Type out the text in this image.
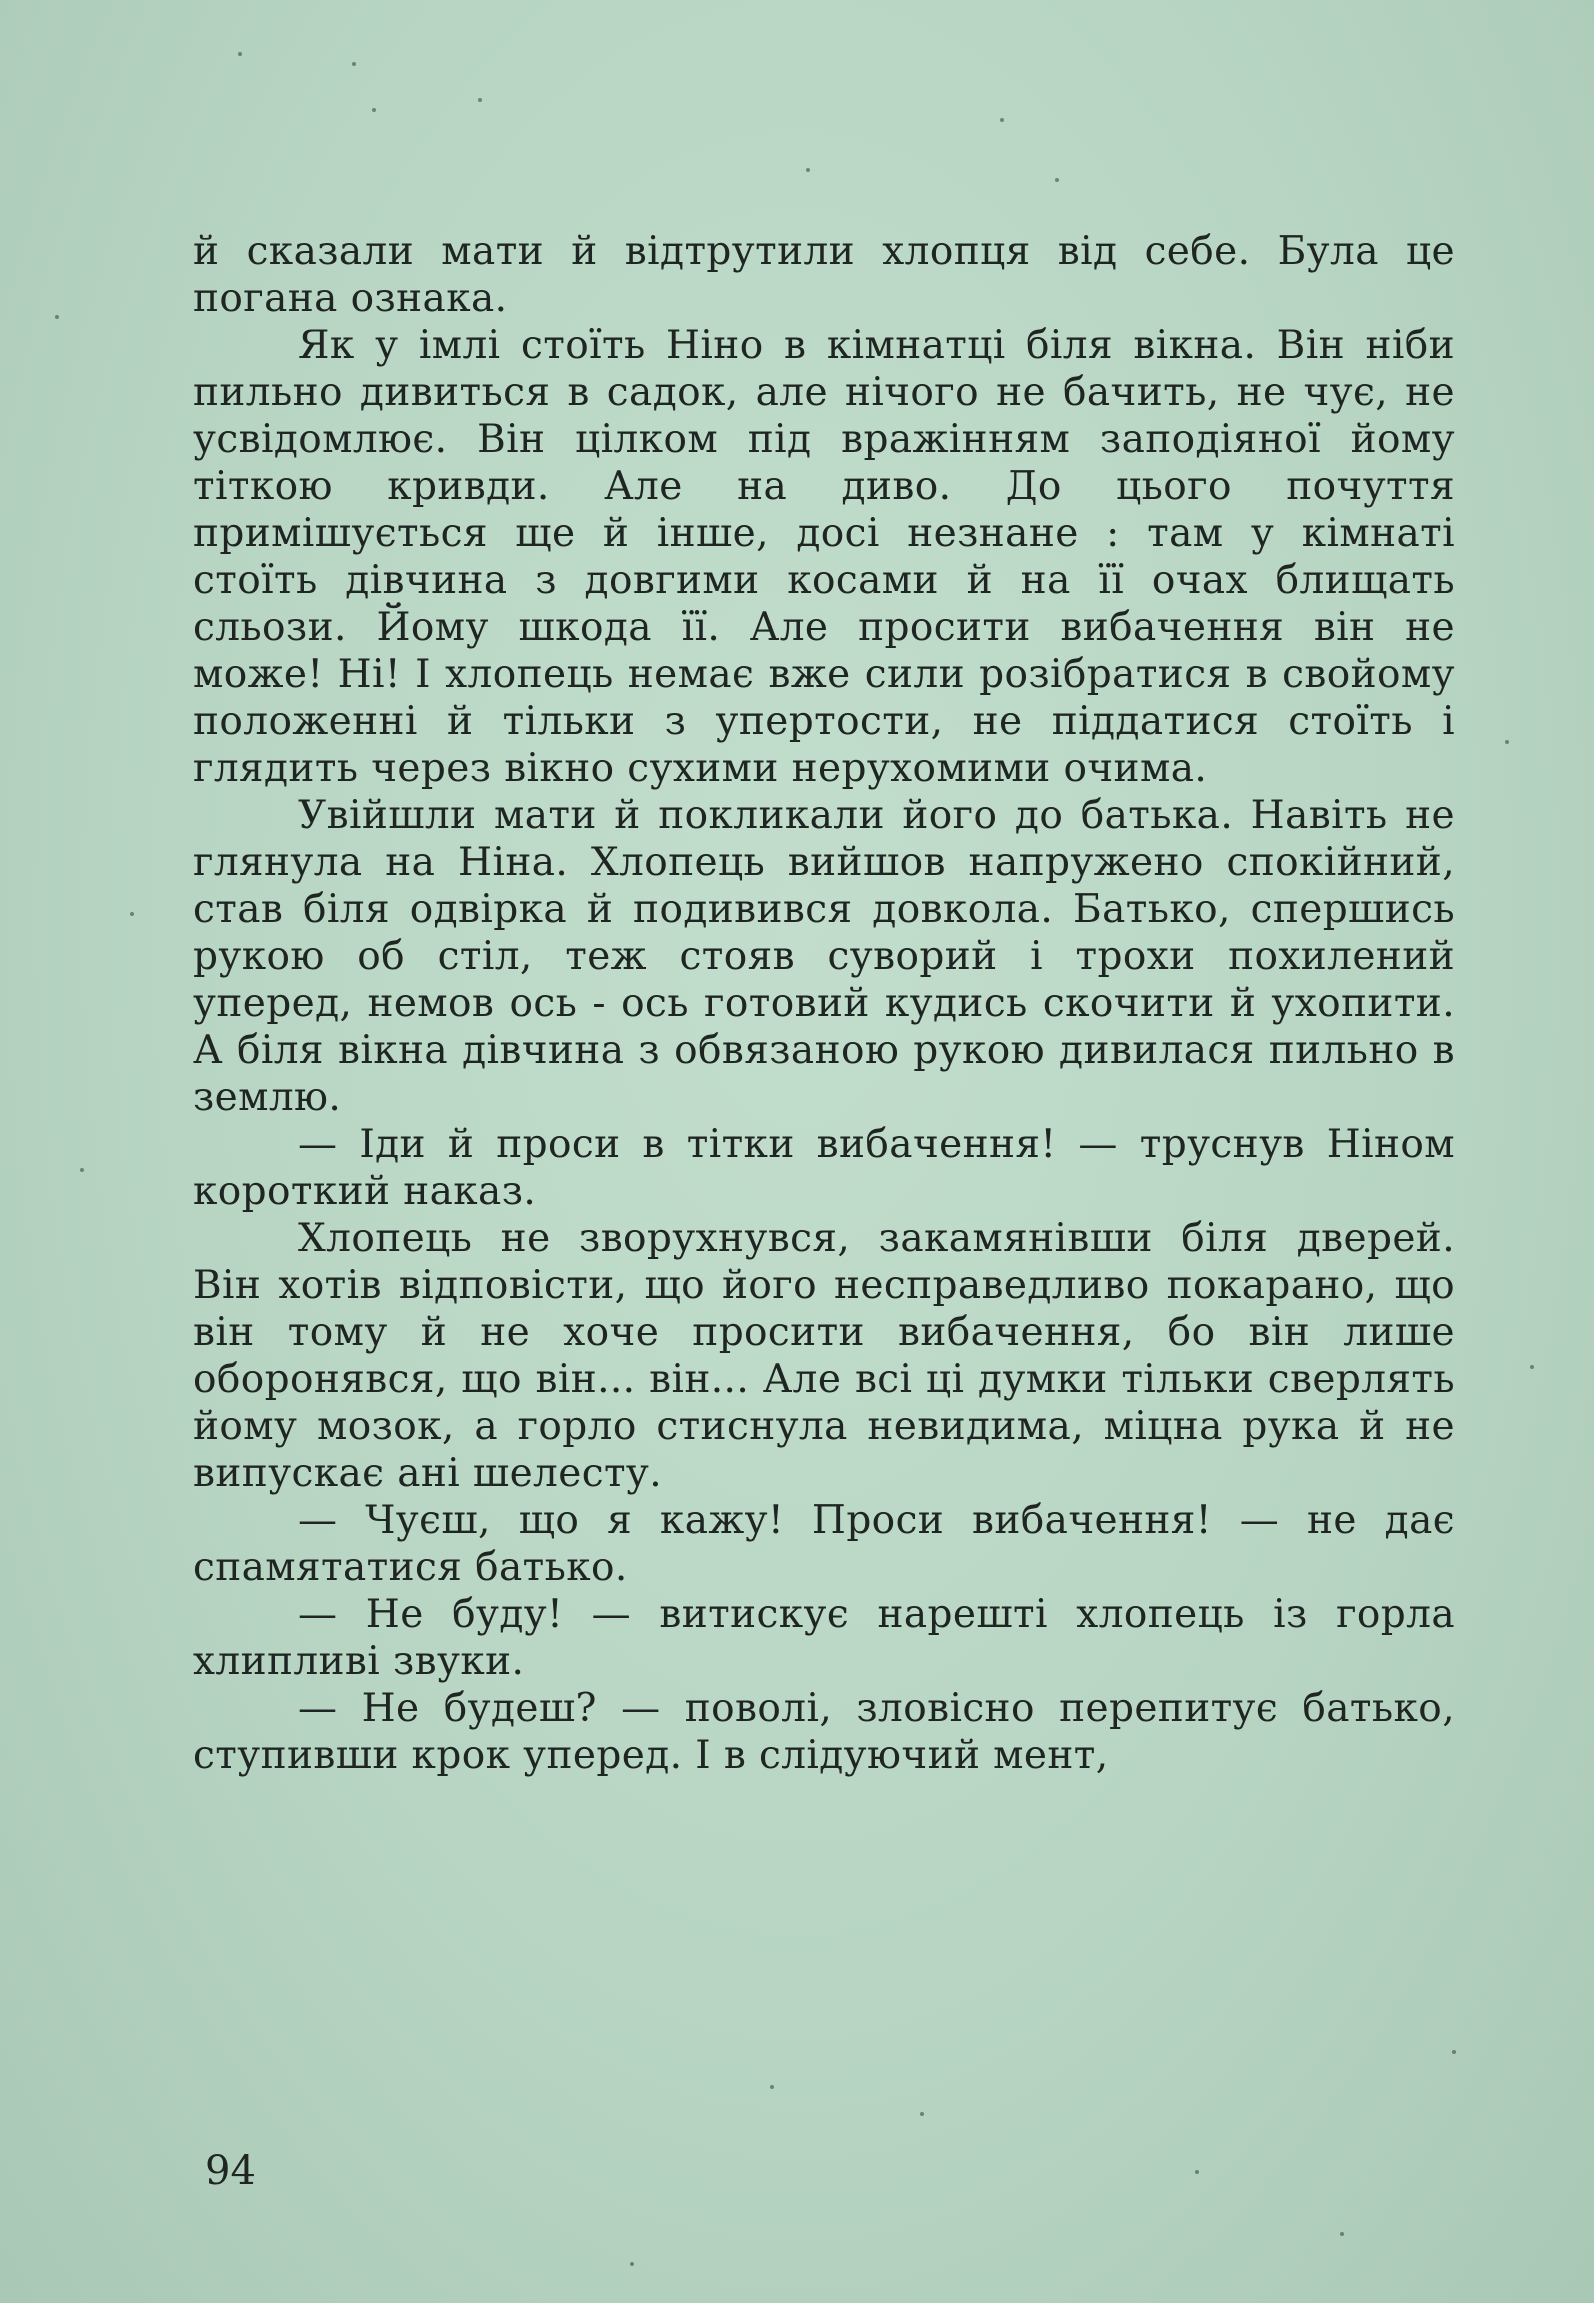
й сказали мати й відтрутили хлопця від себе. Була це погана ознака.

Як у імлі стоїть Ніно в кімнатці біля вікна. Він ніби пильно дивиться в садок, але нічого не бачить, не чує, не усвідомлює. Він цілком під вражінням заподіяної йому тіткою кривди. Але на диво. До цього почуття примішується ще й інше, досі незнане : там у кімнаті стоїть дівчина з довгими косами й на її очах блищать сльози. Йому шкода її. Але просити вибачення він не може! Ні! І хлопець немає вже сили розібратися в свойому положенні й тільки з упертости, не піддатися стоїть і глядить через вікно сухими нерухомими очима.

Увійшли мати й покликали його до батька. Навіть не глянула на Ніна. Хлопець вийшов напружено спокійний, став біля одвірка й подивився довкола. Батько, спершись рукою об стіл, теж стояв суворий і трохи похилений уперед, немов ось - ось готовий кудись скочити й ухопити. А біля вікна дівчина з обвязаною рукою дивилася пильно в землю.

— Іди й проси в тітки вибачення! — труснув Ніном короткий наказ.

Хлопець не зворухнувся, закамянівши біля дверей. Він хотів відповісти, що його несправедливо покарано, що він тому й не хоче просити вибачення, бо він лише оборонявся, що він... він... Але всі ці думки тільки сверлять йому мозок, а горло стиснула невидима, міцна рука й не випускає ані шелесту.

— Чуєш, що я кажу! Проси вибачення! — не дає спамятатися батько.

— Не буду! — витискує нарешті хлопець із горла хлипливі звуки.

— Не будеш? — поволі, зловісно перепитує батько, ступивши крок уперед. І в слідуючий мент,

94
